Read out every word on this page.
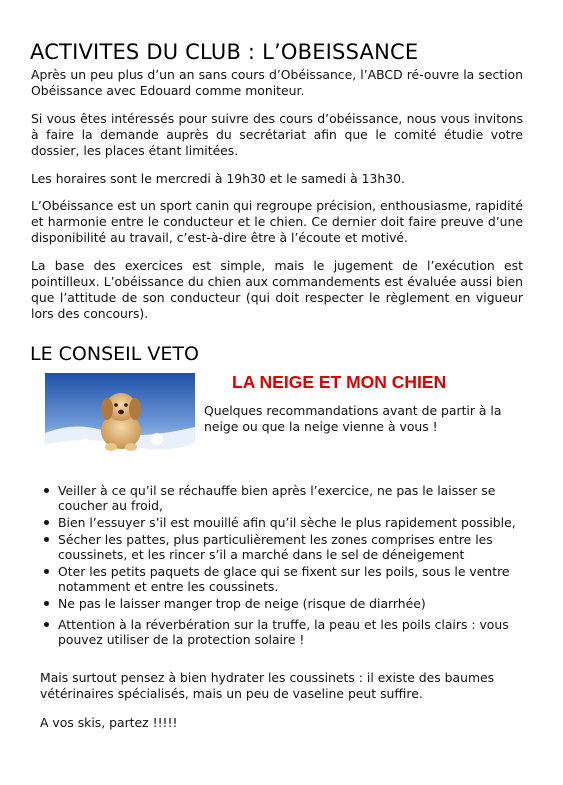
ACTIVITES DU CLUB : L’OBEISSANCE
Après un peu plus d’un an sans cours d’Obéissance, l’ABCD ré-ouvre la section Obéissance avec Edouard comme moniteur.
Si vous êtes intéressés pour suivre des cours d’obéissance, nous vous invitons à faire la demande auprès du secrétariat afin que le comité étudie votre dossier, les places étant limitées.
Les horaires sont le mercredi à 19h30 et le samedi à 13h30.
L’Obéissance est un sport canin qui regroupe précision, enthousiasme, rapidité et harmonie entre le conducteur et le chien. Ce dernier doit faire preuve d’une disponibilité au travail, c’est-à-dire être à l’écoute et motivé.
La base des exercices est simple, mais le jugement de l’exécution est pointilleux. L’obéissance du chien aux commandements est évaluée aussi bien que l’attitude de son conducteur (qui doit respecter le règlement en vigueur lors des concours).
LE CONSEIL VETO
LA NEIGE ET MON CHIEN
Quelques recommandations avant de partir à la neige ou que la neige vienne à vous !
Veiller à ce qu’il se réchauffe bien après l’exercice, ne pas le laisser se coucher au froid,
Bien l’essuyer s’il est mouillé afin qu’il sèche le plus rapidement possible,
Sécher les pattes, plus particulièrement les zones comprises entre les coussinets, et les rincer s’il a marché dans le sel de déneigement
Oter les petits paquets de glace qui se fixent sur les poils, sous le ventre notamment et entre les coussinets.
Ne pas le laisser manger trop de neige (risque de diarrhée)
Attention à la réverbération sur la truffe, la peau et les poils clairs : vous pouvez utiliser de la protection solaire !
Mais surtout pensez à bien hydrater les coussinets : il existe des baumes vétérinaires spécialisés, mais un peu de vaseline peut suffire.
A vos skis, partez !!!!!
